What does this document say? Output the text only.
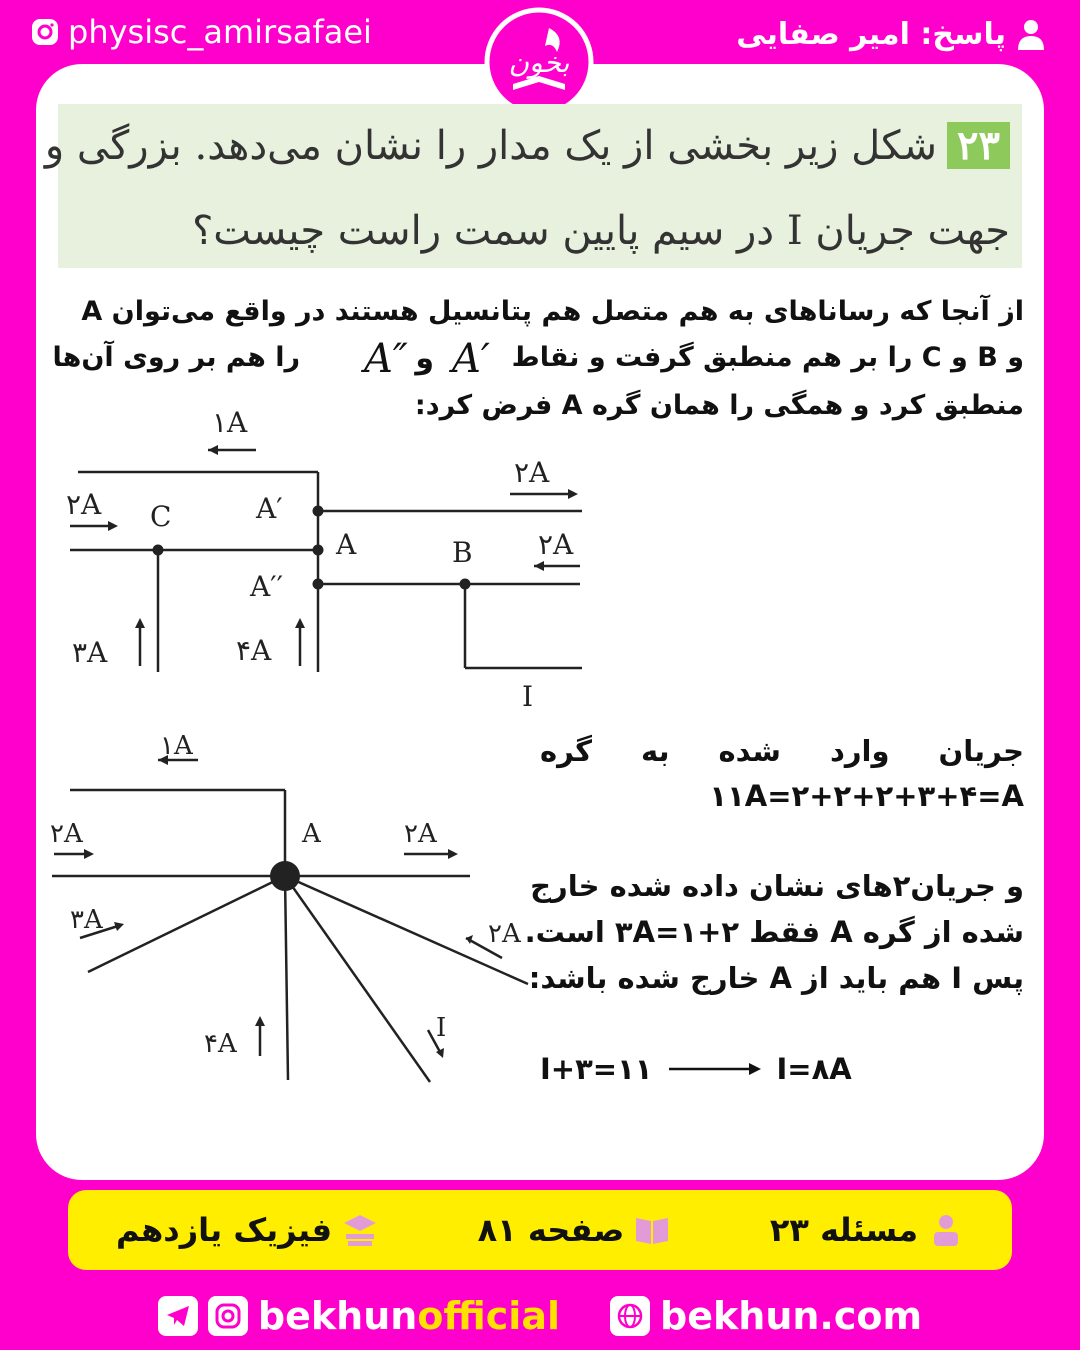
physisc_amirsafaei	پاسخ: امیر صفایی
بخون
۲۳شکل زیر بخشی از یک مدار را نشان می‌دهد. بزرگی و
جهت جریان I در سیم پایین سمت راست چیست؟
از آنجا که رساناهای به هم متصل هم پتانسیل هستند در واقع می‌توان A
و B و C را بر هم منطبق گرفت و نقاط
A″ و A′
را هم بر روی آن‌ها
منطبق کرد و همگی را همان گره A فرض کرد:
۱A
۲A
۲A C	A′
A	B ۲A
A′′
۳A	۴A
I
۱A
۲A	A	۲A
۳A	۲A
۴A
I
جریان
وارد
شده
به
گره
۱۱A=۲+۲+۲+۳+۴=A
و جریان۲های نشان داده شده خارج
شده از گره A فقط ۲+۱=۳A است.
پس I هم باید از A خارج شده باشد:
I+۳=۱۱	I=۸A
مسئله ۲۳
صفحه ۸۱
فیزیک یازدهم
bekhun official	bekhun.com
